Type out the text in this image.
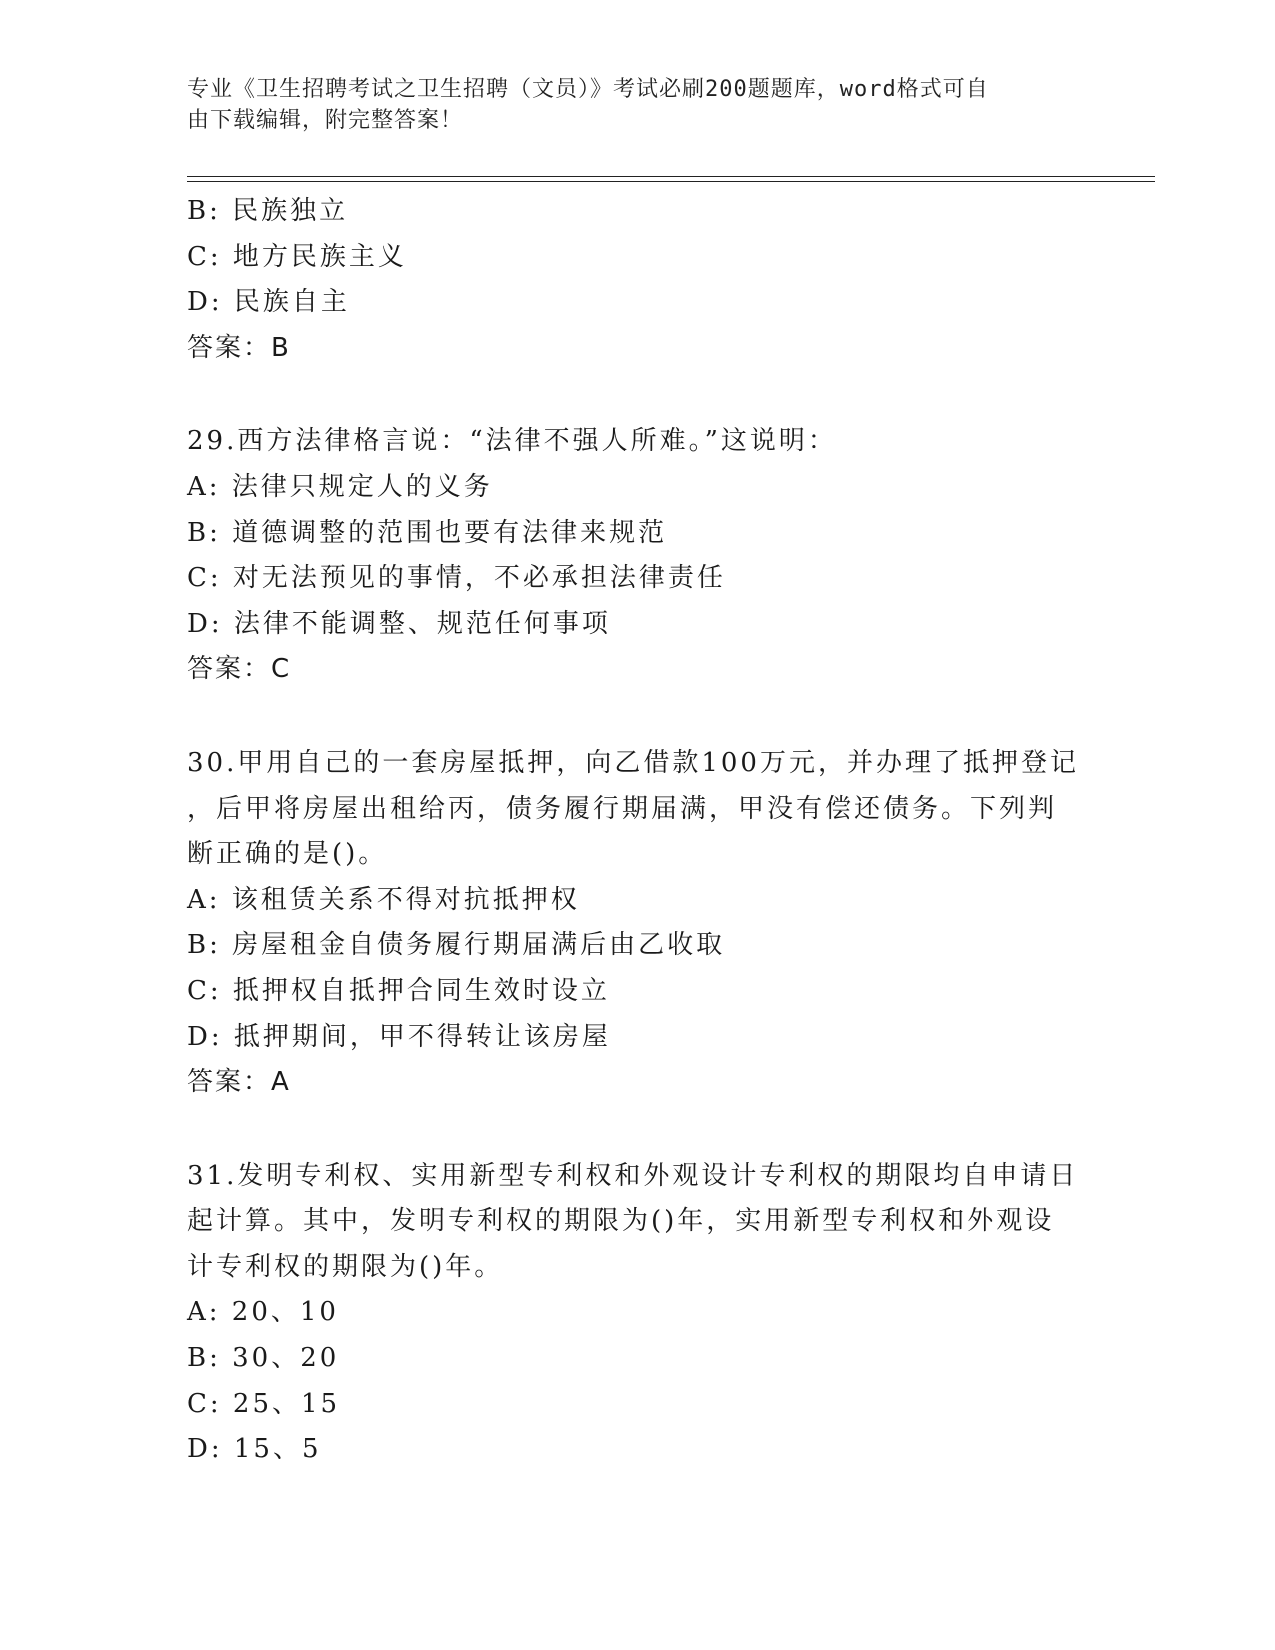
专业《卫生招聘考试之卫生招聘（文员）》考试必刷200题题库，word格式可自
由下载编辑，附完整答案！
B: 民族独立
C: 地方民族主义
D: 民族自主
答案：B
29.西方法律格言说：“法律不强人所难。”这说明：
A: 法律只规定人的义务
B: 道德调整的范围也要有法律来规范
C: 对无法预见的事情，不必承担法律责任
D: 法律不能调整、规范任何事项
答案：C
30.甲用自己的一套房屋抵押，向乙借款100万元，并办理了抵押登记
，后甲将房屋出租给丙，债务履行期届满，甲没有偿还债务。下列判
断正确的是()。
A: 该租赁关系不得对抗抵押权
B: 房屋租金自债务履行期届满后由乙收取
C: 抵押权自抵押合同生效时设立
D: 抵押期间，甲不得转让该房屋
答案：A
31.发明专利权、实用新型专利权和外观设计专利权的期限均自申请日
起计算。其中，发明专利权的期限为()年，实用新型专利权和外观设
计专利权的期限为()年。
A: 20、10
B: 30、20
C: 25、15
D: 15、5
